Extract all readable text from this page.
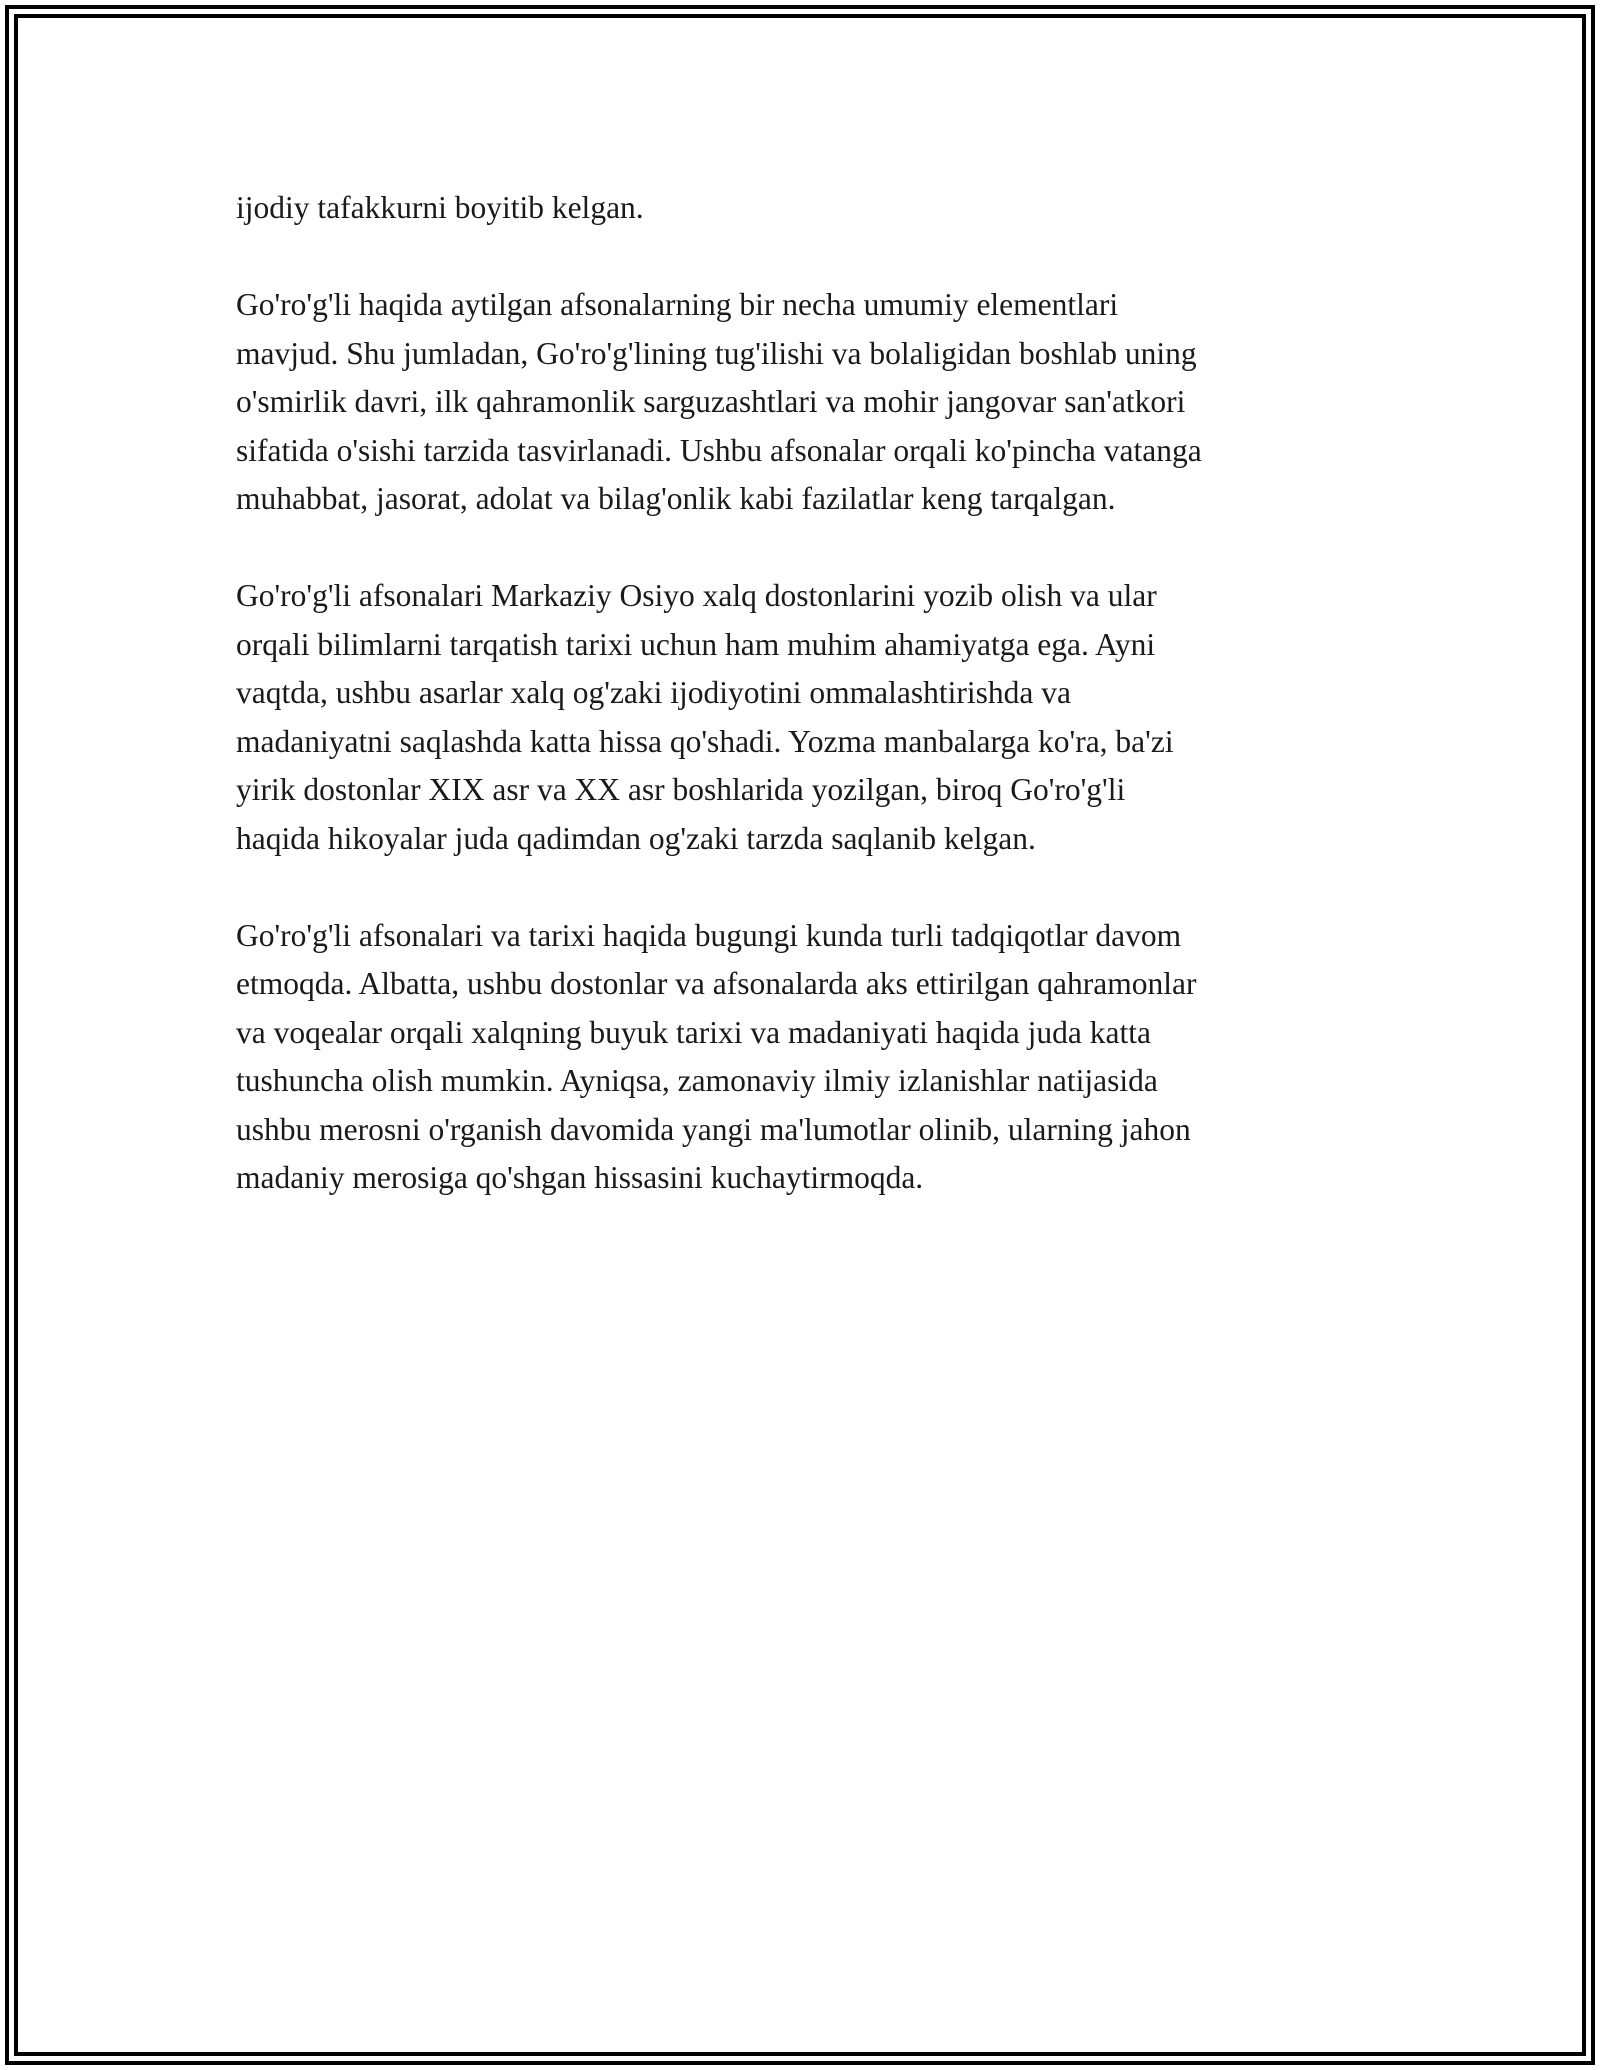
ijodiy tafakkurni boyitib kelgan.

Go'ro'g'li haqida aytilgan afsonalarning bir necha umumiy elementlari
mavjud. Shu jumladan, Go'ro'g'lining tug'ilishi va bolaligidan boshlab uning
o'smirlik davri, ilk qahramonlik sarguzashtlari va mohir jangovar san'atkori
sifatida o'sishi tarzida tasvirlanadi. Ushbu afsonalar orqali ko'pincha vatanga
muhabbat, jasorat, adolat va bilag'onlik kabi fazilatlar keng tarqalgan.

Go'ro'g'li afsonalari Markaziy Osiyo xalq dostonlarini yozib olish va ular
orqali bilimlarni tarqatish tarixi uchun ham muhim ahamiyatga ega. Ayni
vaqtda, ushbu asarlar xalq og'zaki ijodiyotini ommalashtirishda va
madaniyatni saqlashda katta hissa qo'shadi. Yozma manbalarga ko'ra, ba'zi
yirik dostonlar XIX asr va XX asr boshlarida yozilgan, biroq Go'ro'g'li
haqida hikoyalar juda qadimdan og'zaki tarzda saqlanib kelgan.

Go'ro'g'li afsonalari va tarixi haqida bugungi kunda turli tadqiqotlar davom
etmoqda. Albatta, ushbu dostonlar va afsonalarda aks ettirilgan qahramonlar
va voqealar orqali xalqning buyuk tarixi va madaniyati haqida juda katta
tushuncha olish mumkin. Ayniqsa, zamonaviy ilmiy izlanishlar natijasida
ushbu merosni o'rganish davomida yangi ma'lumotlar olinib, ularning jahon
madaniy merosiga qo'shgan hissasini kuchaytirmoqda.
